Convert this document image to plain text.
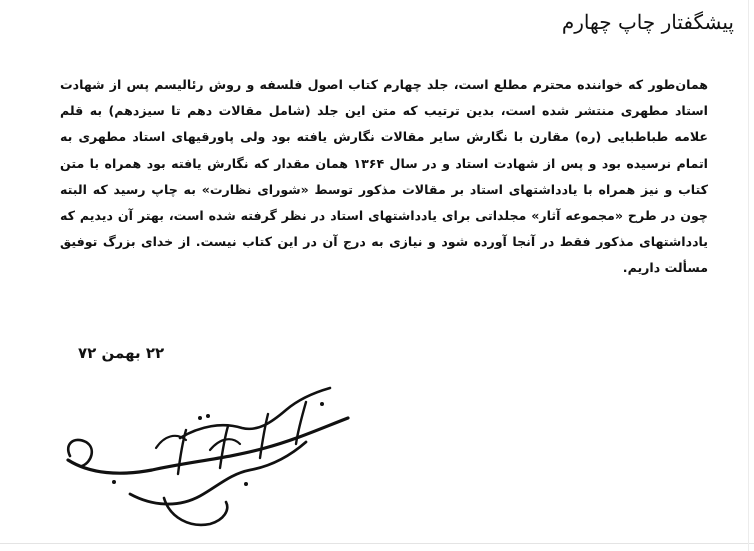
پیشگفتار چاپ چهارم

همان‌طور که خواننده محترم مطلع است، جلد چهارم کتاب اصول فلسفه و روش رئالیسم پس از شهادت استاد مطهری منتشر شده است، بدین ترتیب که متن این جلد (شامل مقالات دهم تا سیزدهم) به قلم علامه طباطبایی (ره) مقارن با نگارش سایر مقالات نگارش یافته بود ولی پاورقیهای استاد مطهری به اتمام نرسیده بود و پس از شهادت استاد و در سال ۱۳۶۴ همان مقدار که نگارش یافته بود همراه با متن کتاب و نیز همراه با یادداشتهای استاد بر مقالات مذکور توسط «شورای نظارت» به چاپ رسید که البته چون در طرح «مجموعه آثار» مجلداتی برای یادداشتهای استاد در نظر گرفته شده است، بهتر آن دیدیم که یادداشتهای مذکور فقط در آنجا آورده شود و نیازی به درج آن در این کتاب نیست. از خدای بزرگ توفیق مسألت داریم.

۲۲ بهمن ۷۲
